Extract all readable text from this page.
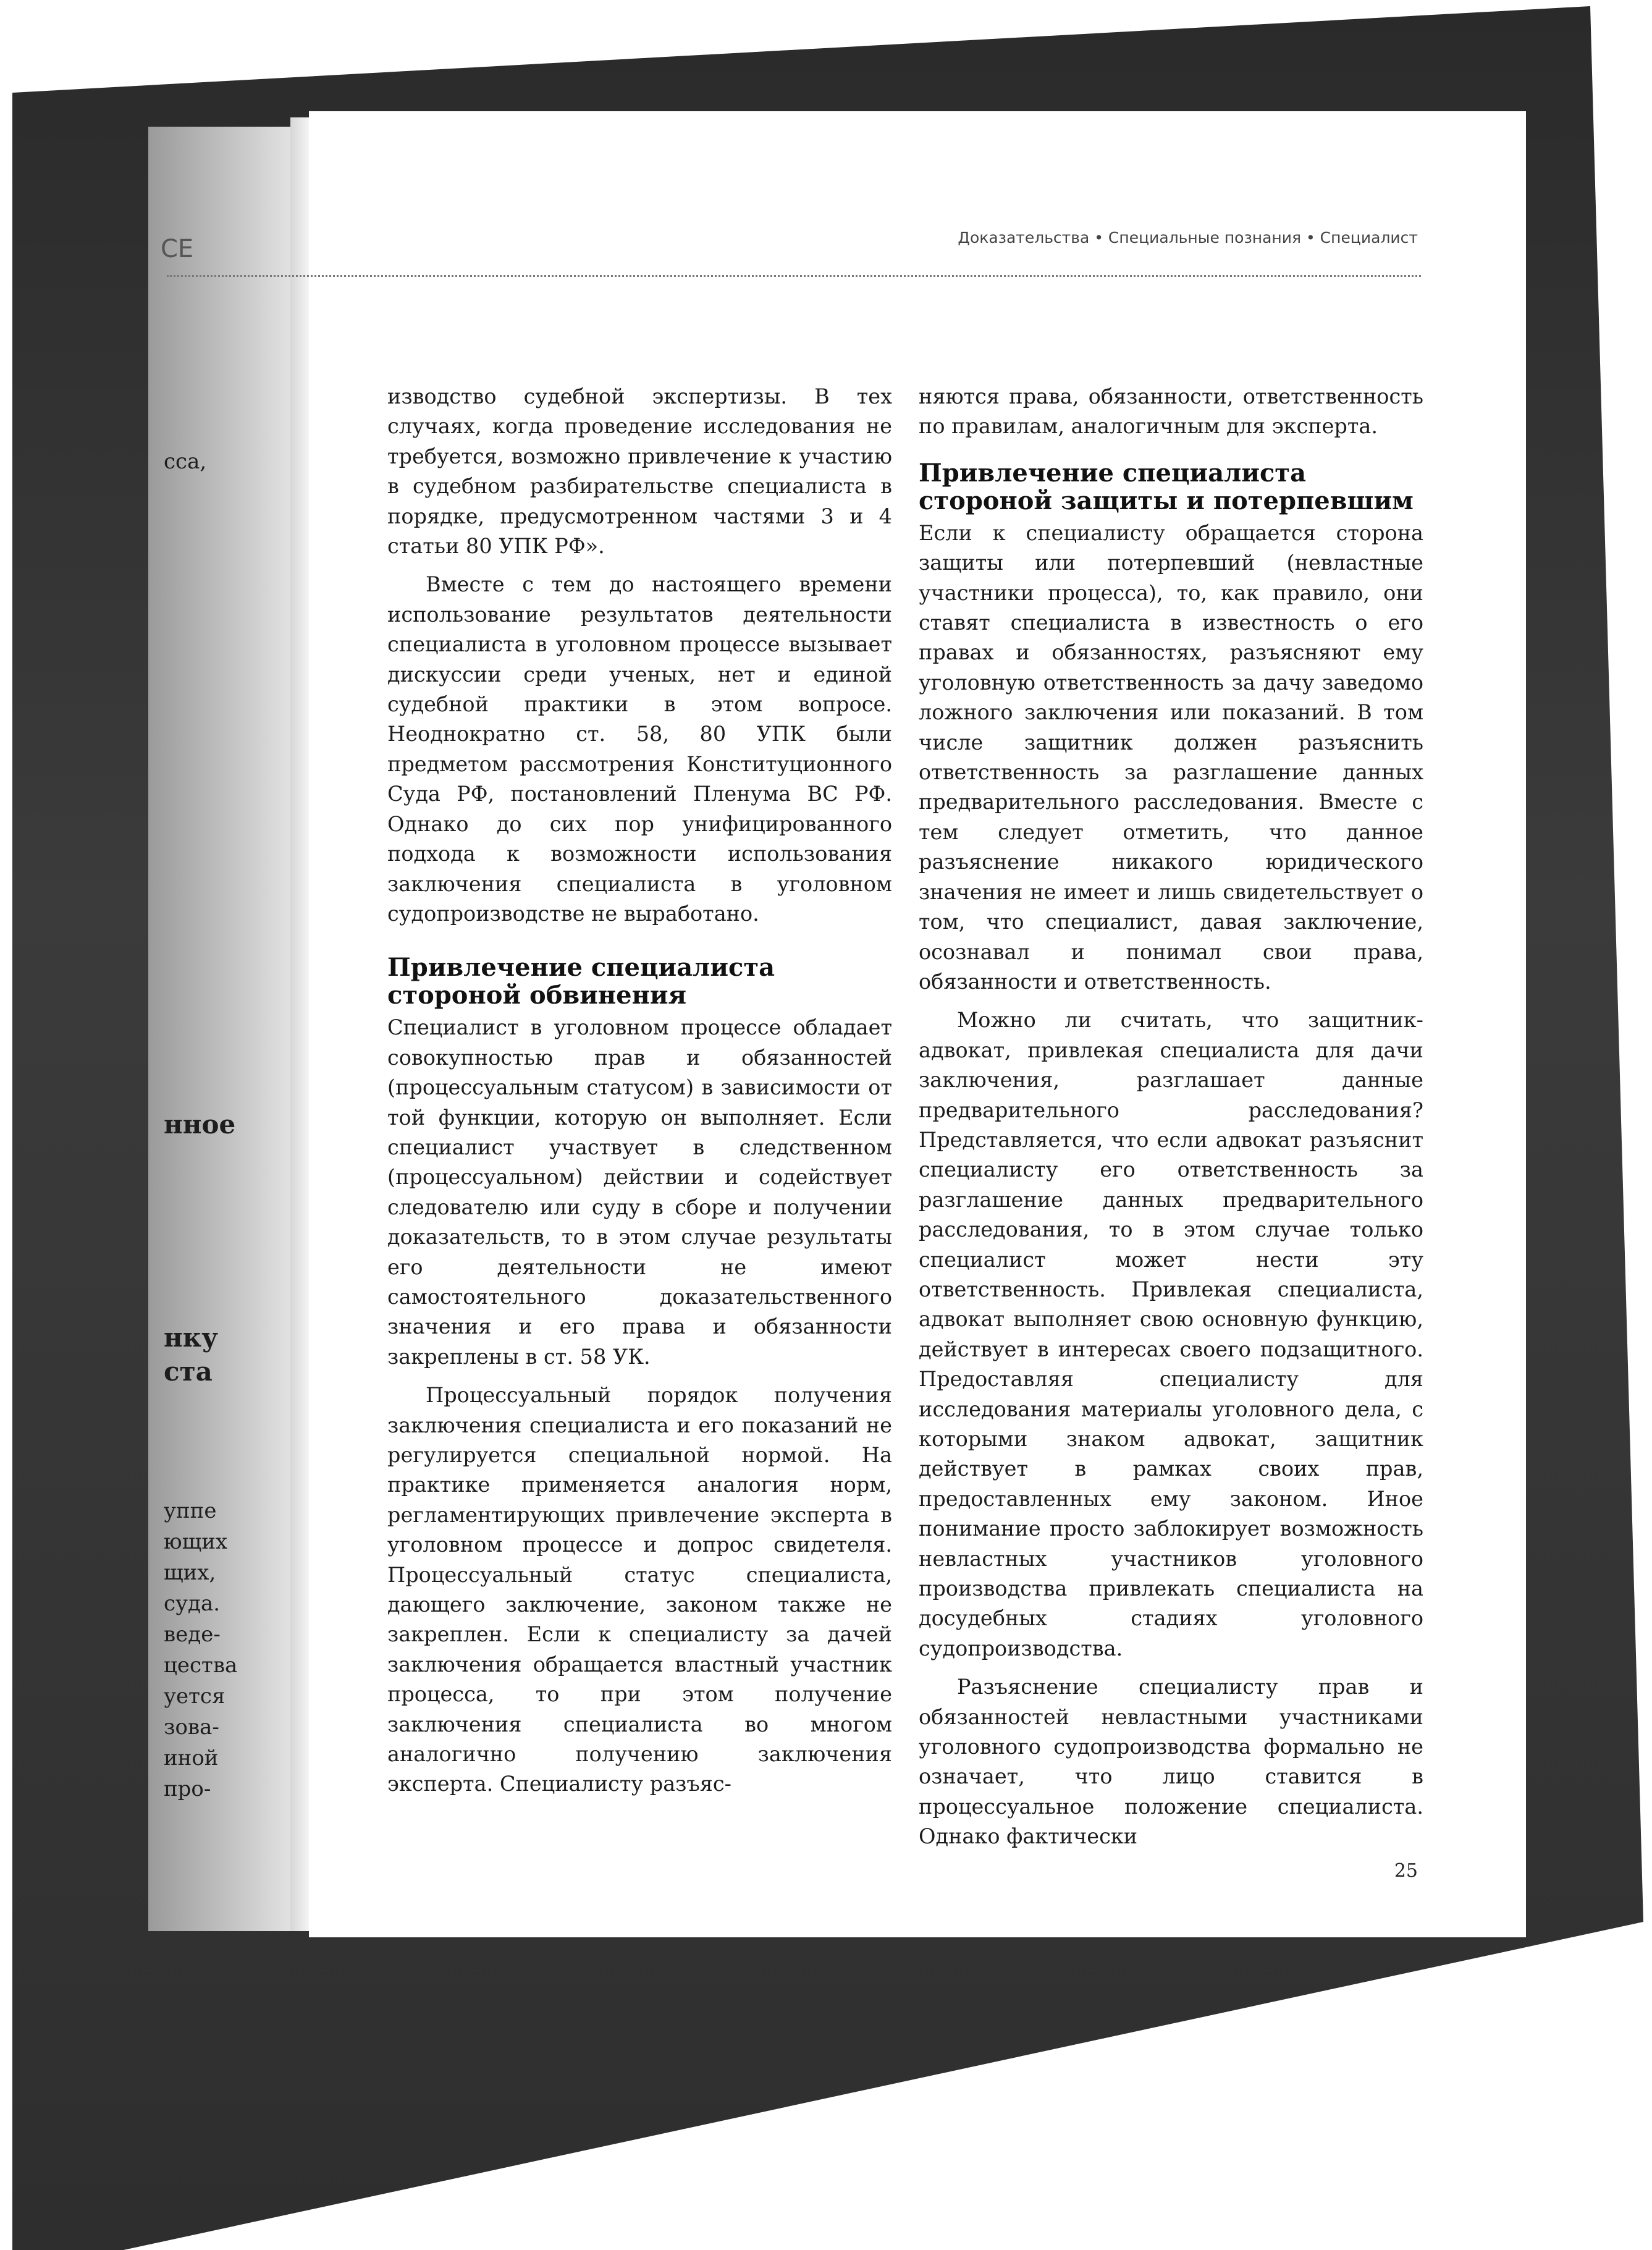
CE
сса,
нное
нку
ста
уппе
ющих
щих,
суда.
веде-
цества
уется
зова-
иной
про-
Доказательства • Специальные познания • Специалист

изводство судебной экспертизы. В тех случаях, когда проведение исследования не требуется, возможно привлечение к участию в судебном разбирательстве специалиста в порядке, предусмотренном частями 3 и 4 статьи 80 УПК РФ».

Вместе с тем до настоящего времени использование результатов деятельности специалиста в уголовном процессе вызывает дискуссии среди ученых, нет и единой судебной практики в этом вопросе. Неоднократно ст. 58, 80 УПК были предметом рассмотрения Конституционного Суда РФ, постановлений Пленума ВС РФ. Однако до сих пор унифицированного подхода к возможности использования заключения специалиста в уголовном судопроизводстве не выработано.

Привлечение специалиста стороной обвинения

Специалист в уголовном процессе обладает совокупностью прав и обязанностей (процессуальным статусом) в зависимости от той функции, которую он выполняет. Если специалист участвует в следственном (процессуальном) действии и содействует следователю или суду в сборе и получении доказательств, то в этом случае результаты его деятельности не имеют самостоятельного доказательственного значения и его права и обязанности закреплены в ст. 58 УК.

Процессуальный порядок получения заключения специалиста и его показаний не регулируется специальной нормой. На практике применяется аналогия норм, регламентирующих привлечение эксперта в уголовном процессе и допрос свидетеля. Процессуальный статус специалиста, дающего заключение, законом также не закреплен. Если к специалисту за дачей заключения обращается властный участник процесса, то при этом получение заключения специалиста во многом аналогично получению заключения эксперта. Специалисту разъяс-

няются права, обязанности, ответственность по правилам, аналогичным для эксперта.

Привлечение специалиста стороной защиты и потерпевшим

Если к специалисту обращается сторона защиты или потерпевший (невластные участники процесса), то, как правило, они ставят специалиста в известность о его правах и обязанностях, разъясняют ему уголовную ответственность за дачу заведомо ложного заключения или показаний. В том числе защитник должен разъяснить ответственность за разглашение данных предварительного расследования. Вместе с тем следует отметить, что данное разъяснение никакого юридического значения не имеет и лишь свидетельствует о том, что специалист, давая заключение, осознавал и понимал свои права, обязанности и ответственность.

Можно ли считать, что защитник-адвокат, привлекая специалиста для дачи заключения, разглашает данные предварительного расследования? Представляется, что если адвокат разъяснит специалисту его ответственность за разглашение данных предварительного расследования, то в этом случае только специалист может нести эту ответственность. Привлекая специалиста, адвокат выполняет свою основную функцию, действует в интересах своего подзащитного. Предоставляя специалисту для исследования материалы уголовного дела, с которыми знаком адвокат, защитник действует в рамках своих прав, предоставленных ему законом. Иное понимание просто заблокирует возможность невластных участников уголовного производства привлекать специалиста на досудебных стадиях уголовного судопроизводства.

Разъяснение специалисту прав и обязанностей невластными участниками уголовного судопроизводства формально не означает, что лицо ставится в процессуальное положение специалиста. Однако фактически

25
